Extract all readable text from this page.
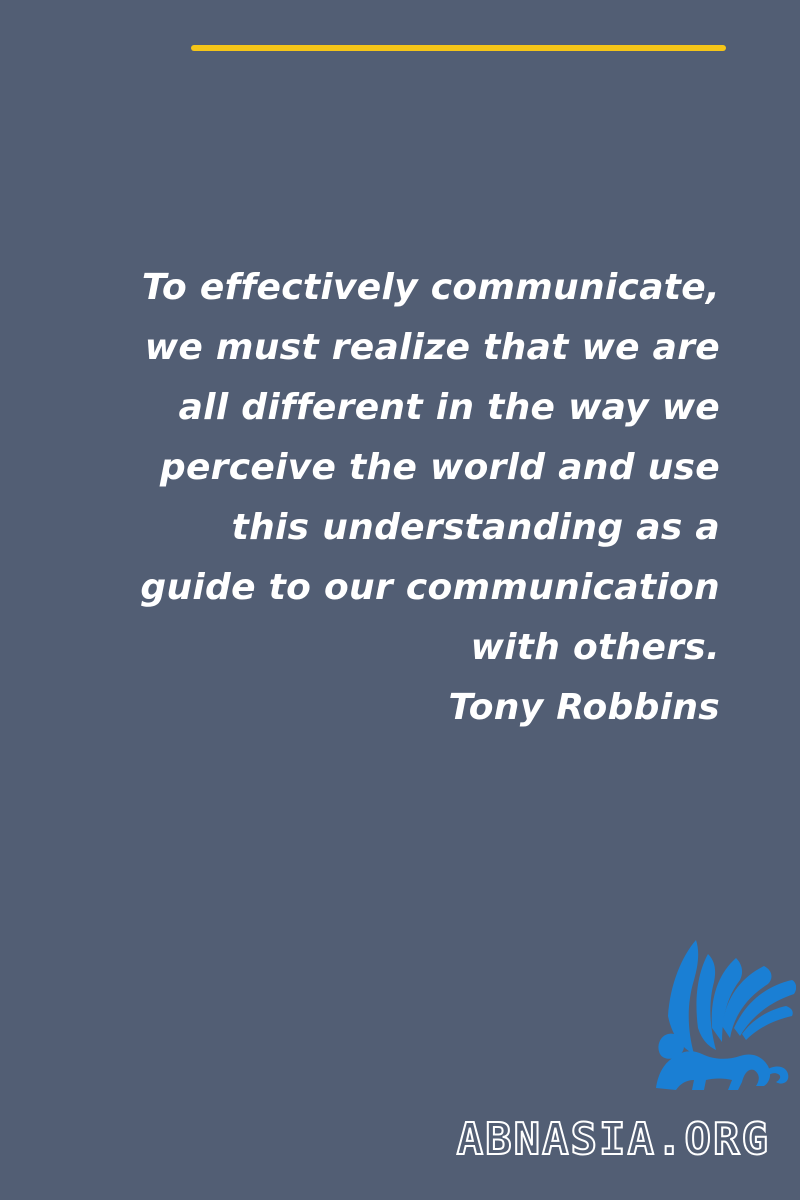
To effectively communicate,
we must realize that we are
all different in the way we
perceive the world and use
this understanding as a
guide to our communication
with others.
Tony Robbins
ABNASIA.ORG
